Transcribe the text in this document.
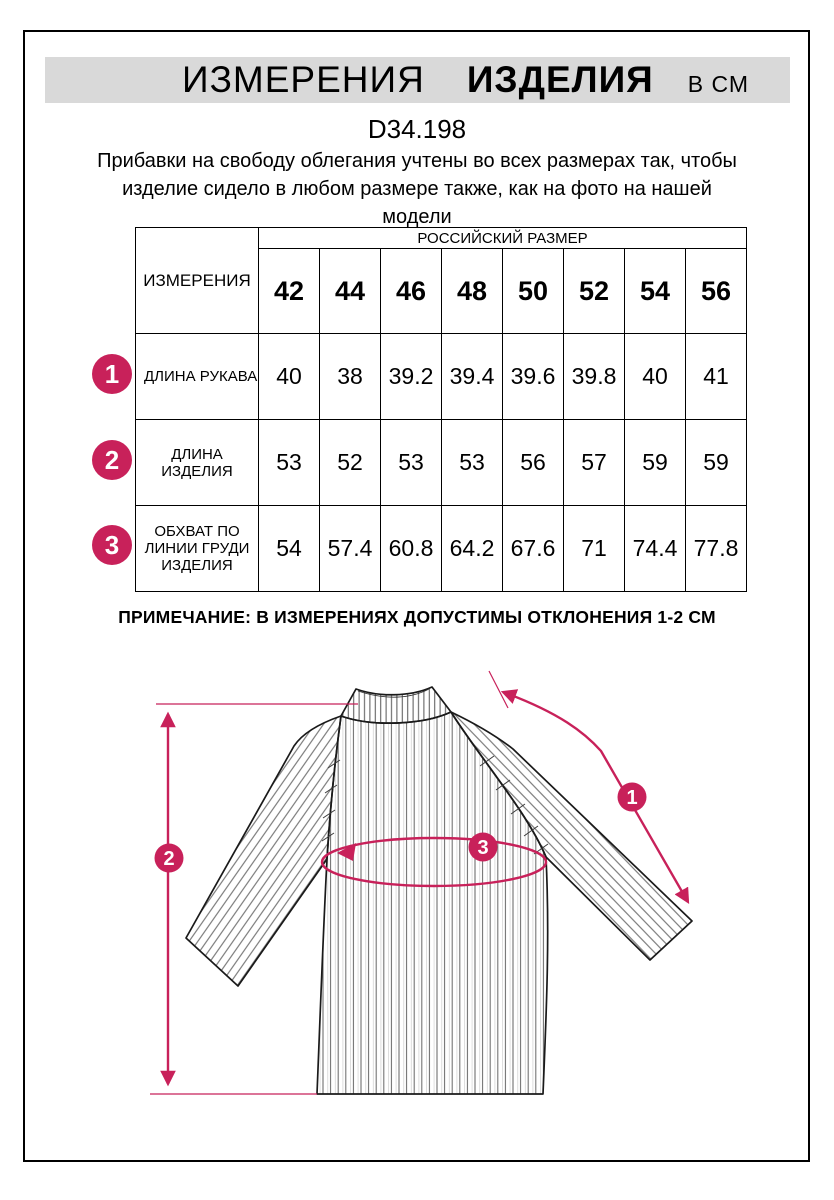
ИЗМЕРЕНИЯ ИЗДЕЛИЯ В СМ
D34.198
Прибавки на свободу облегания учтены во всех размерах так, чтобы
изделие сидело в любом размере также, как на фото на нашей
модели
ИЗМЕРЕНИЯ	РОССИЙСКИЙ РАЗМЕР							
	42	44	46	48	50	52	54	56
ДЛИНА РУКАВА	40	38	39.2	39.4	39.6	39.8	40	41
ДЛИНА ИЗДЕЛИЯ	53	52	53	53	56	57	59	59
ОБХВАТ ПО ЛИНИИ ГРУДИ ИЗДЕЛИЯ	54	57.4	60.8	64.2	67.6	71	74.4	77.8
1
2
3
ПРИМЕЧАНИЕ: В ИЗМЕРЕНИЯХ ДОПУСТИМЫ ОТКЛОНЕНИЯ 1-2 СМ
1
2	3
